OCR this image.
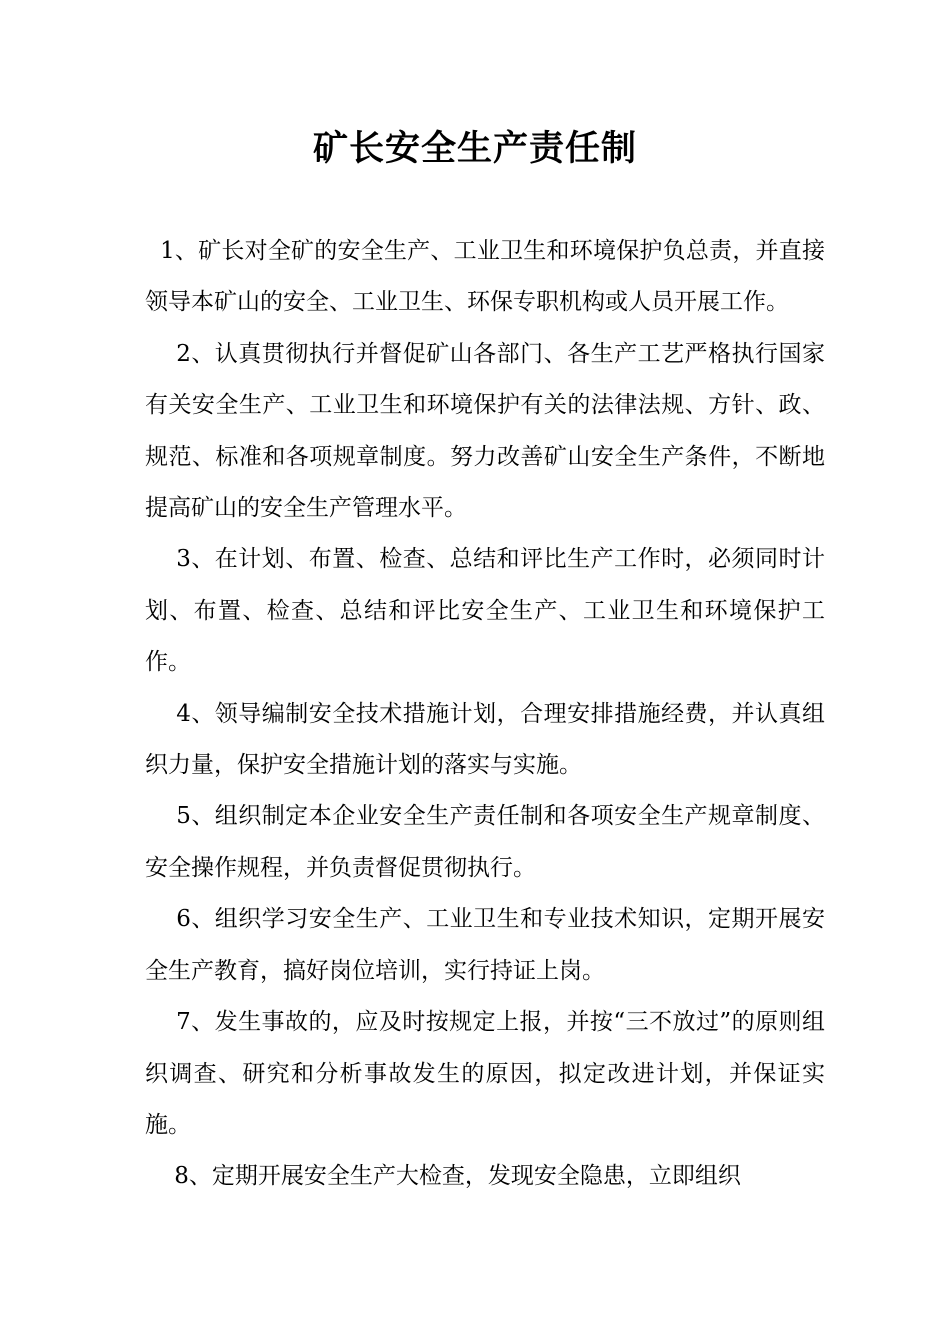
矿长安全生产责任制

1、矿长对全矿的安全生产、工业卫生和环境保护负总责，并直接领导本矿山的安全、工业卫生、环保专职机构或人员开展工作。

2、认真贯彻执行并督促矿山各部门、各生产工艺严格执行国家有关安全生产、工业卫生和环境保护有关的法律法规、方针、政、规范、标准和各项规章制度。努力改善矿山安全生产条件，不断地提高矿山的安全生产管理水平。

3、在计划、布置、检查、总结和评比生产工作时，必须同时计划、布置、检查、总结和评比安全生产、工业卫生和环境保护工作。

4、领导编制安全技术措施计划，合理安排措施经费，并认真组织力量，保护安全措施计划的落实与实施。

5、组织制定本企业安全生产责任制和各项安全生产规章制度、安全操作规程，并负责督促贯彻执行。

6、组织学习安全生产、工业卫生和专业技术知识，定期开展安全生产教育，搞好岗位培训，实行持证上岗。

7、发生事故的，应及时按规定上报，并按“三不放过”的原则组织调查、研究和分析事故发生的原因，拟定改进计划，并保证实施。

8、定期开展安全生产大检查，发现安全隐患，立即组织
